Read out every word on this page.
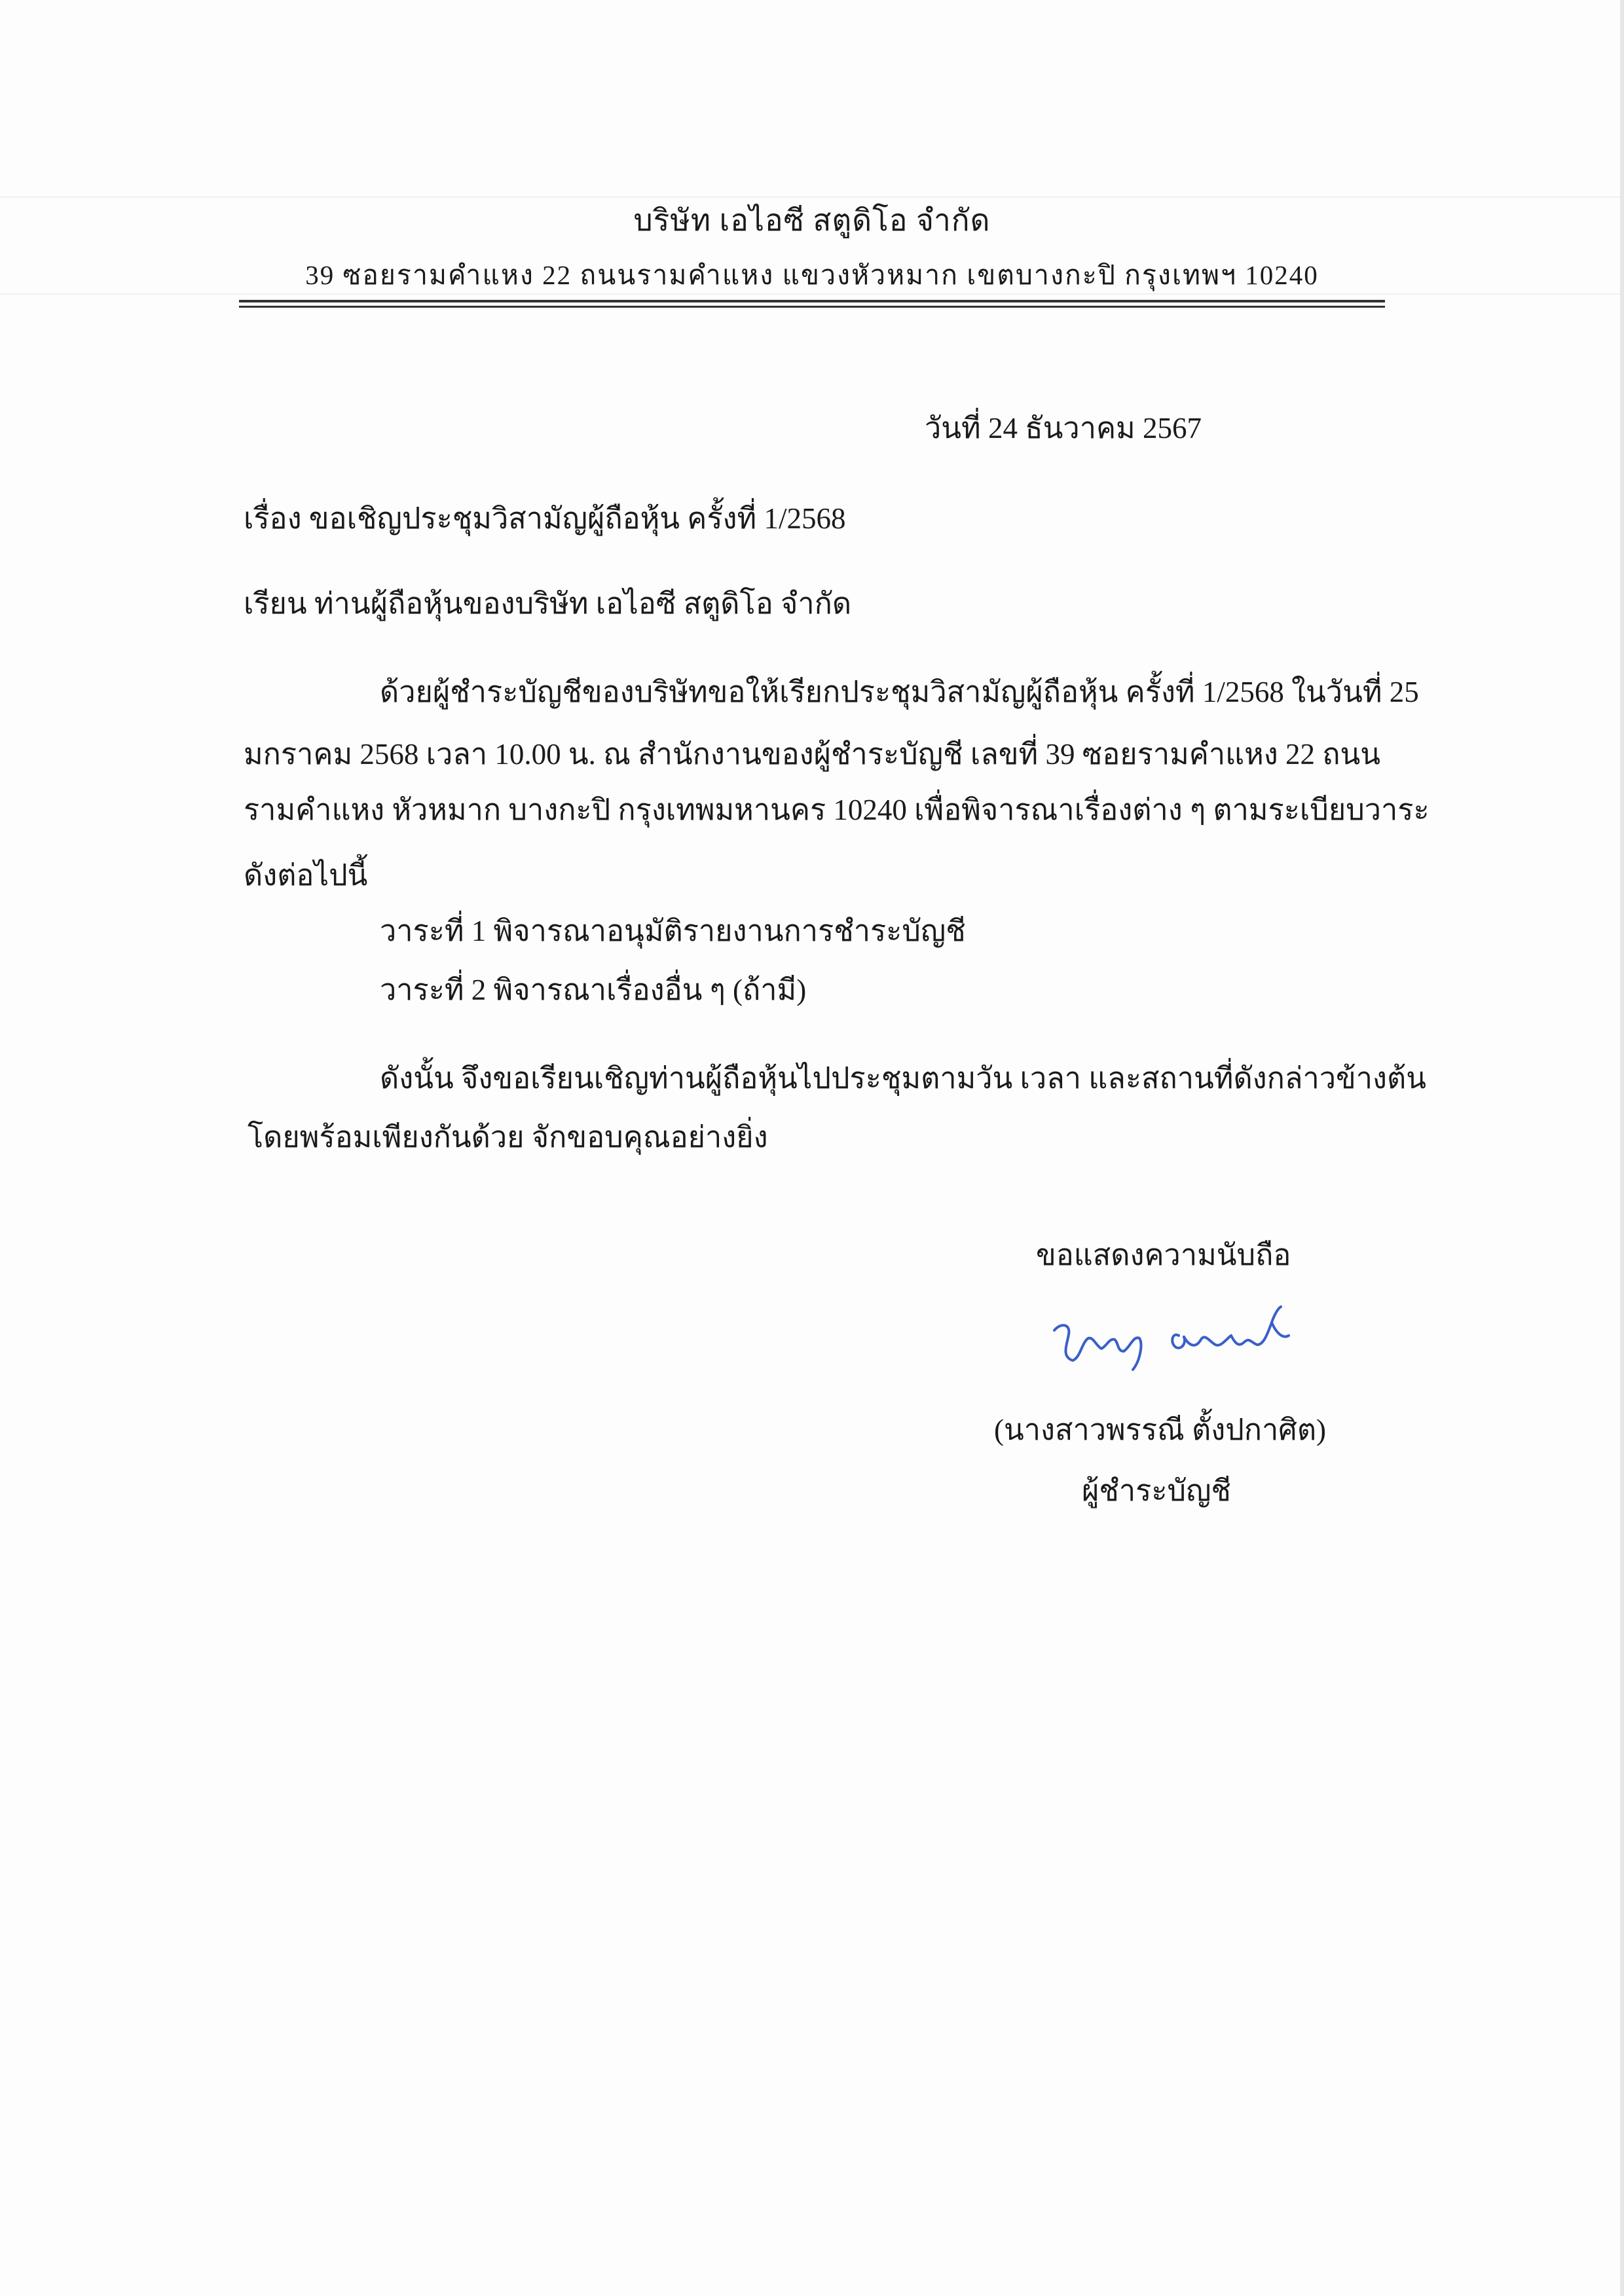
บริษัท เอไอซี สตูดิโอ จำกัด
39 ซอยรามคำแหง 22 ถนนรามคำแหง แขวงหัวหมาก เขตบางกะปิ กรุงเทพฯ 10240
วันที่ 24 ธันวาคม 2567
เรื่อง ขอเชิญประชุมวิสามัญผู้ถือหุ้น ครั้งที่ 1/2568
เรียน ท่านผู้ถือหุ้นของบริษัท เอไอซี สตูดิโอ จำกัด
ด้วยผู้ชำระบัญชีของบริษัทขอให้เรียกประชุมวิสามัญผู้ถือหุ้น ครั้งที่ 1/2568 ในวันที่ 25
มกราคม 2568 เวลา 10.00 น. ณ สำนักงานของผู้ชำระบัญชี เลขที่ 39 ซอยรามคำแหง 22 ถนน
รามคำแหง หัวหมาก บางกะปิ กรุงเทพมหานคร 10240 เพื่อพิจารณาเรื่องต่าง ๆ ตามระเบียบวาระ
ดังต่อไปนี้
วาระที่ 1 พิจารณาอนุมัติรายงานการชำระบัญชี
วาระที่ 2 พิจารณาเรื่องอื่น ๆ (ถ้ามี)
ดังนั้น จึงขอเรียนเชิญท่านผู้ถือหุ้นไปประชุมตามวัน เวลา และสถานที่ดังกล่าวข้างต้น
โดยพร้อมเพียงกันด้วย จักขอบคุณอย่างยิ่ง
ขอแสดงความนับถือ
(นางสาวพรรณี ตั้งปกาศิต)
ผู้ชำระบัญชี
